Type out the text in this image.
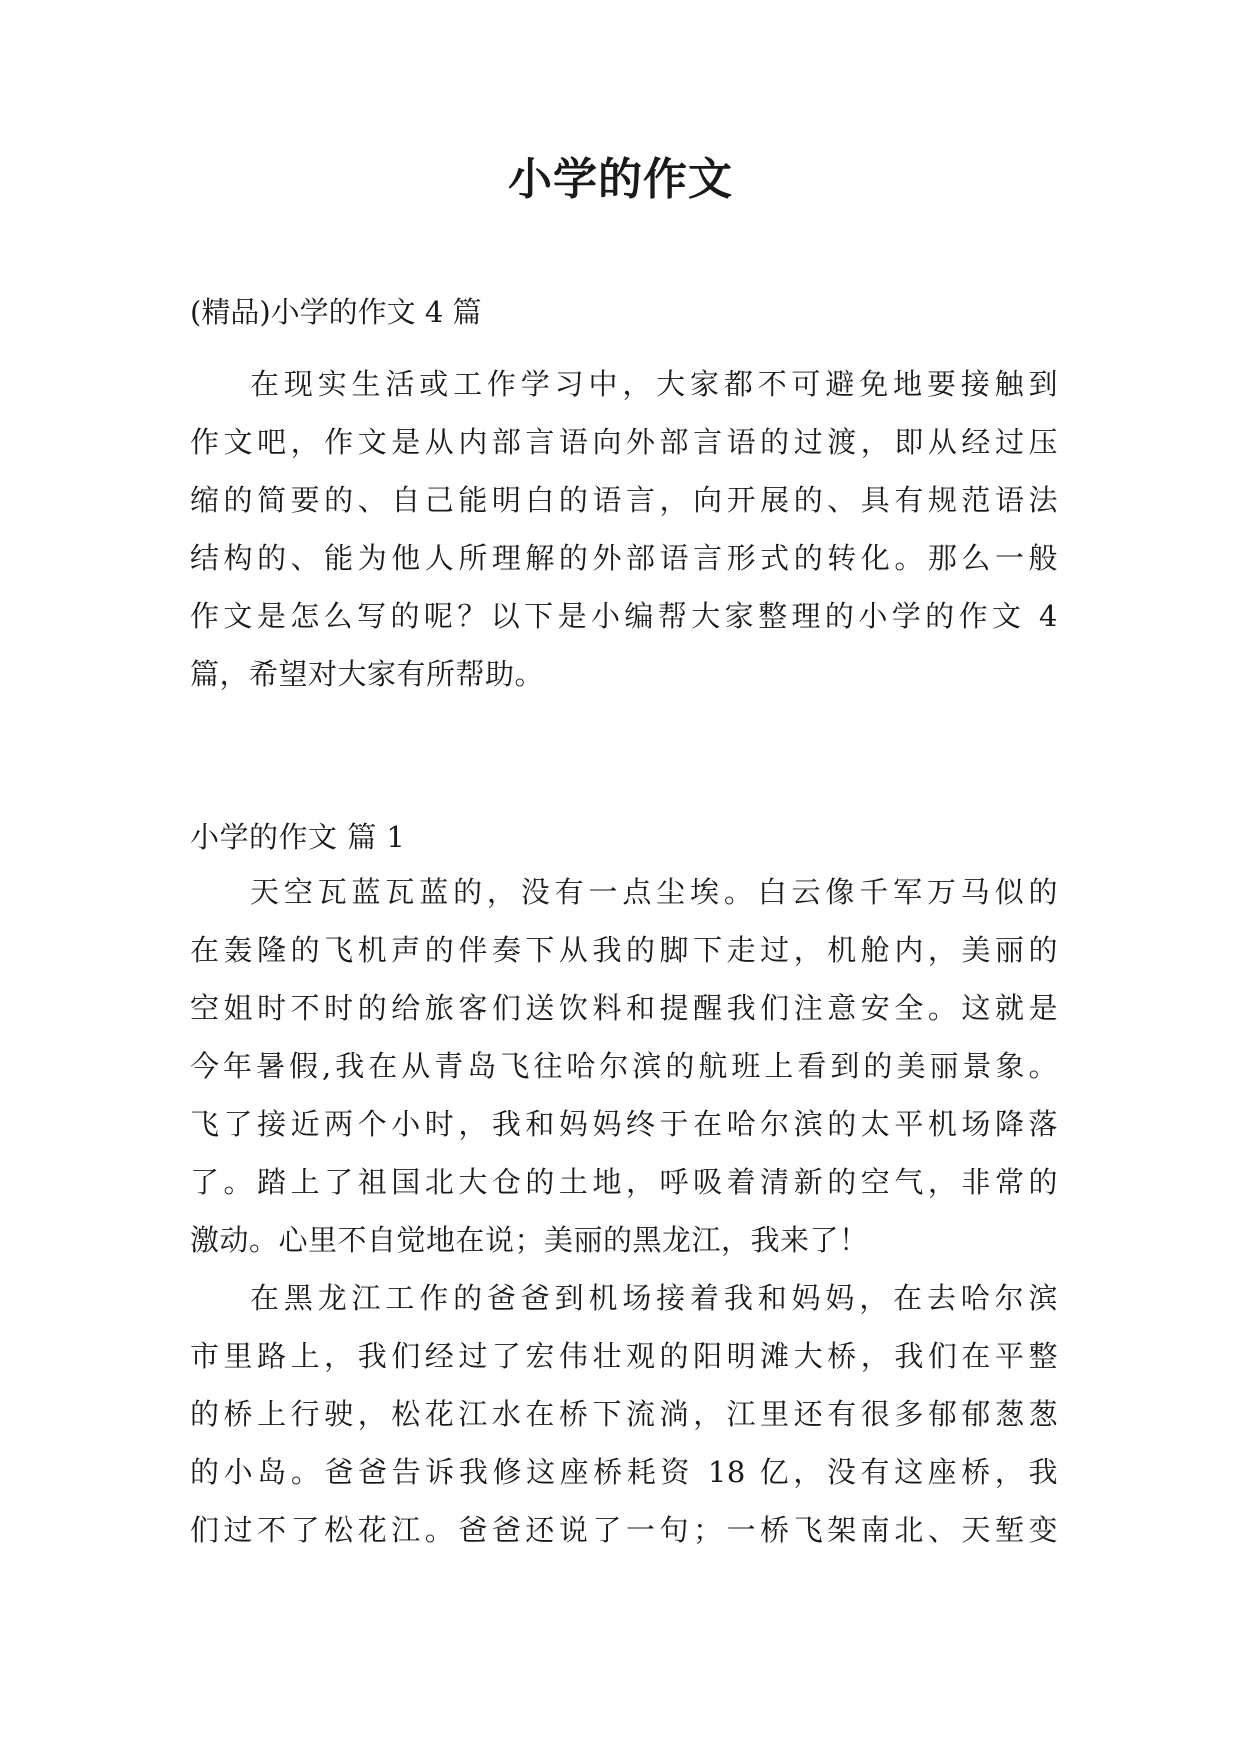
小学的作文

(精品)小学的作文 4 篇

在现实生活或工作学习中，大家都不可避免地要接触到
作文吧，作文是从内部言语向外部言语的过渡，即从经过压
缩的简要的、自己能明白的语言，向开展的、具有规范语法
结构的、能为他人所理解的外部语言形式的转化。那么一般
作文是怎么写的呢？以下是小编帮大家整理的小学的作文 4
篇，希望对大家有所帮助。

小学的作文 篇 1

天空瓦蓝瓦蓝的，没有一点尘埃。白云像千军万马似的
在轰隆的飞机声的伴奏下从我的脚下走过，机舱内，美丽的
空姐时不时的给旅客们送饮料和提醒我们注意安全。这就是
今年暑假,我在从青岛飞往哈尔滨的航班上看到的美丽景象。
飞了接近两个小时，我和妈妈终于在哈尔滨的太平机场降落
了。踏上了祖国北大仓的土地，呼吸着清新的空气，非常的
激动。心里不自觉地在说；美丽的黑龙江，我来了！
在黑龙江工作的爸爸到机场接着我和妈妈，在去哈尔滨
市里路上，我们经过了宏伟壮观的阳明滩大桥，我们在平整
的桥上行驶，松花江水在桥下流淌，江里还有很多郁郁葱葱
的小岛。爸爸告诉我修这座桥耗资 18 亿，没有这座桥，我
们过不了松花江。爸爸还说了一句；一桥飞架南北、天堑变
